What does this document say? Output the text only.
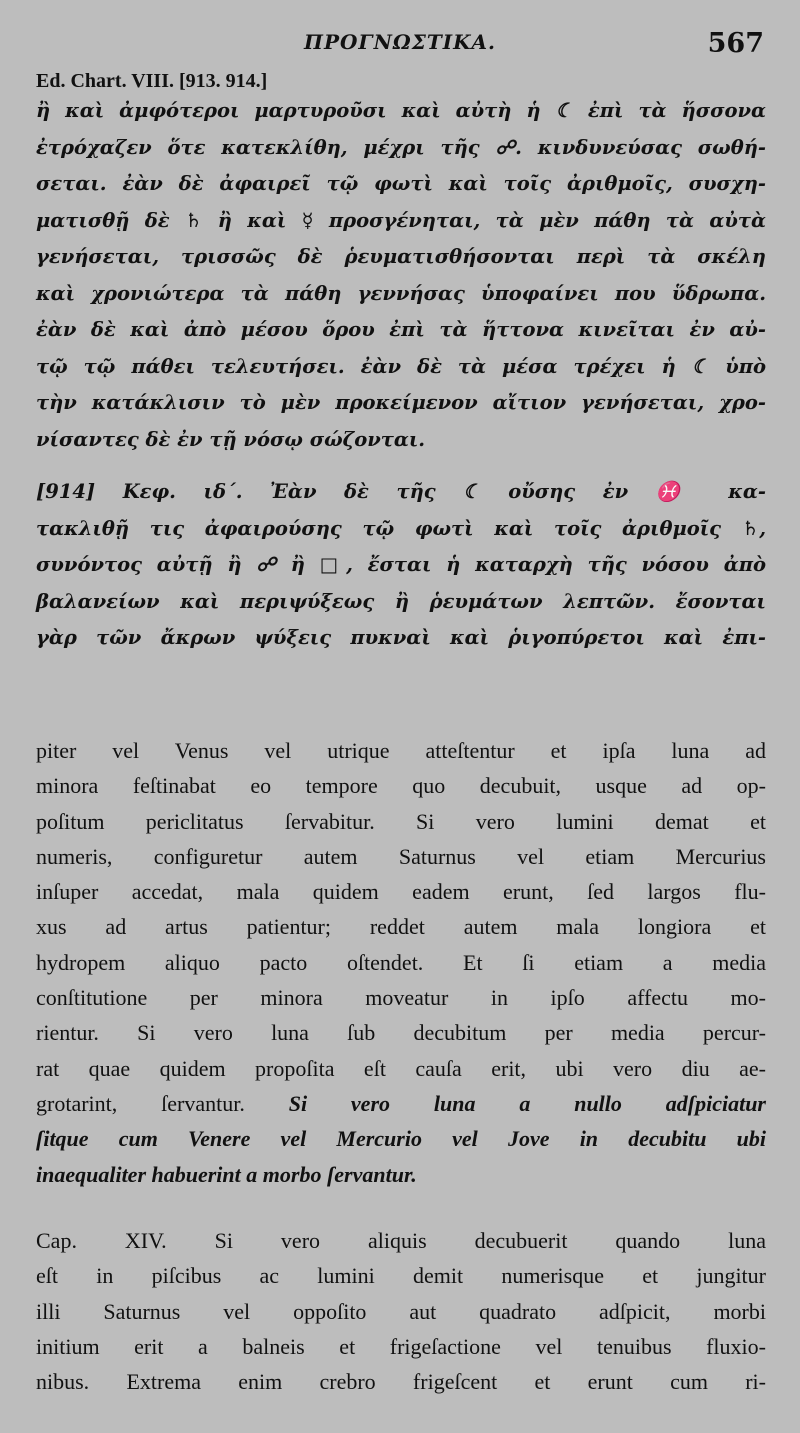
ΠΡΟΓΝΩΣΤΙΚΑ.	567
Ed. Chart. VIII. [913. 914.]
ἢ καὶ ἀμφότεροι μαρτυροῦσι καὶ αὐτὴ ἡ ☾ ἐπὶ τὰ ἥσσονα
ἐτρόχαζεν ὅτε κατεκλίθη, μέχρι τῆς ☍. κινδυνεύσας σωθή-
σεται. ἐὰν δὲ ἀφαιρεῖ τῷ φωτὶ καὶ τοῖς ἀριθμοῖς, συσχη-
ματισθῇ δὲ ♄ ἢ καὶ ☿ προσγένηται, τὰ μὲν πάθη τὰ αὐτὰ
γενήσεται, τρισσῶς δὲ ῥευματισθήσονται περὶ τὰ σκέλη
καὶ χρονιώτερα τὰ πάθη γεννήσας ὑποφαίνει που ὕδρωπα.
ἐὰν δὲ καὶ ἀπὸ μέσου ὅρου ἐπὶ τὰ ἥττονα κινεῖται ἐν αὐ-
τῷ τῷ πάθει τελευτήσει. ἐὰν δὲ τὰ μέσα τρέχει ἡ ☾ ὑπὸ
τὴν κατάκλισιν τὸ μὲν προκείμενον αἴτιον γενήσεται, χρο-
νίσαντες δὲ ἐν τῇ νόσῳ σώζονται.
[914] Κεφ. ιδ΄. Ἐὰν δὲ τῆς ☾ οὔσης ἐν ♓ κα-
τακλιθῇ τις ἀφαιρούσης τῷ φωτὶ καὶ τοῖς ἀριθμοῖς ♄,
συνόντος αὐτῇ ἢ ☍ ἢ □, ἔσται ἡ καταρχὴ τῆς νόσου ἀπὸ
βαλανείων καὶ περιψύξεως ἢ ῥευμάτων λεπτῶν. ἔσονται
γὰρ τῶν ἄκρων ψύξεις πυκναὶ καὶ ῥιγοπύρετοι καὶ ἐπι-
piter vel Venus vel utrique atteſtentur et ipſa luna ad
minora feſtinabat eo tempore quo decubuit, usque ad op-
poſitum periclitatus ſervabitur. Si vero lumini demat et
numeris, configuretur autem Saturnus vel etiam Mercurius
inſuper accedat, mala quidem eadem erunt, ſed largos flu-
xus ad artus patientur; reddet autem mala longiora et
hydropem aliquo pacto oſtendet. Et ſi etiam a media
conſtitutione per minora moveatur in ipſo affectu mo-
rientur. Si vero luna ſub decubitum per media percur-
rat quae quidem propoſita eſt cauſa erit, ubi vero diu ae-
grotarint, ſervantur. Si vero luna a nullo adſpiciatur
ſitque cum Venere vel Mercurio vel Jove in decubitu ubi
inaequaliter habuerint a morbo ſervantur.
Cap. XIV. Si vero aliquis decubuerit quando luna
eſt in piſcibus ac lumini demit numerisque et jungitur
illi Saturnus vel oppoſito aut quadrato adſpicit, morbi
initium erit a balneis et frigeſactione vel tenuibus fluxio-
nibus. Extrema enim crebro frigeſcent et erunt cum ri-
